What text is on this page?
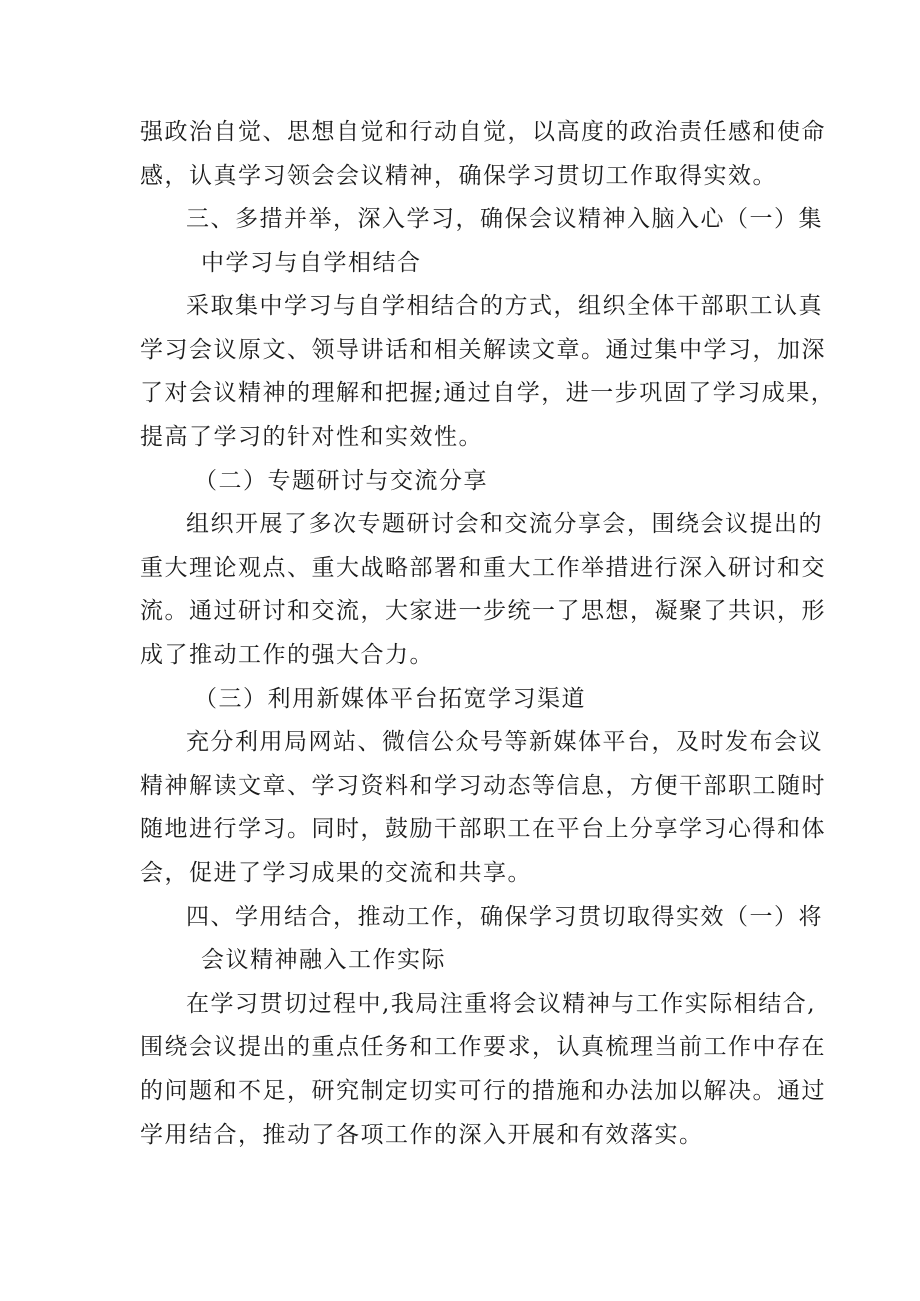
强政治自觉、思想自觉和行动自觉，以高度的政治责任感和使命
感，认真学习领会会议精神，确保学习贯切工作取得实效。
三、多措并举，深入学习，确保会议精神入脑入心（一）集
中学习与自学相结合
采取集中学习与自学相结合的方式，组织全体干部职工认真
学习会议原文、领导讲话和相关解读文章。通过集中学习，加深
了对会议精神的理解和把握;通过自学，进一步巩固了学习成果，
提高了学习的针对性和实效性。
（二）专题研讨与交流分享
组织开展了多次专题研讨会和交流分享会，围绕会议提出的
重大理论观点、重大战略部署和重大工作举措进行深入研讨和交
流。通过研讨和交流，大家进一步统一了思想，凝聚了共识，形
成了推动工作的强大合力。
（三）利用新媒体平台拓宽学习渠道
充分利用局网站、微信公众号等新媒体平台，及时发布会议
精神解读文章、学习资料和学习动态等信息，方便干部职工随时
随地进行学习。同时，鼓励干部职工在平台上分享学习心得和体
会，促进了学习成果的交流和共享。
四、学用结合，推动工作，确保学习贯切取得实效（一）将
会议精神融入工作实际
在学习贯切过程中,我局注重将会议精神与工作实际相结合,
围绕会议提出的重点任务和工作要求，认真梳理当前工作中存在
的问题和不足，研究制定切实可行的措施和办法加以解决。通过
学用结合，推动了各项工作的深入开展和有效落实。
